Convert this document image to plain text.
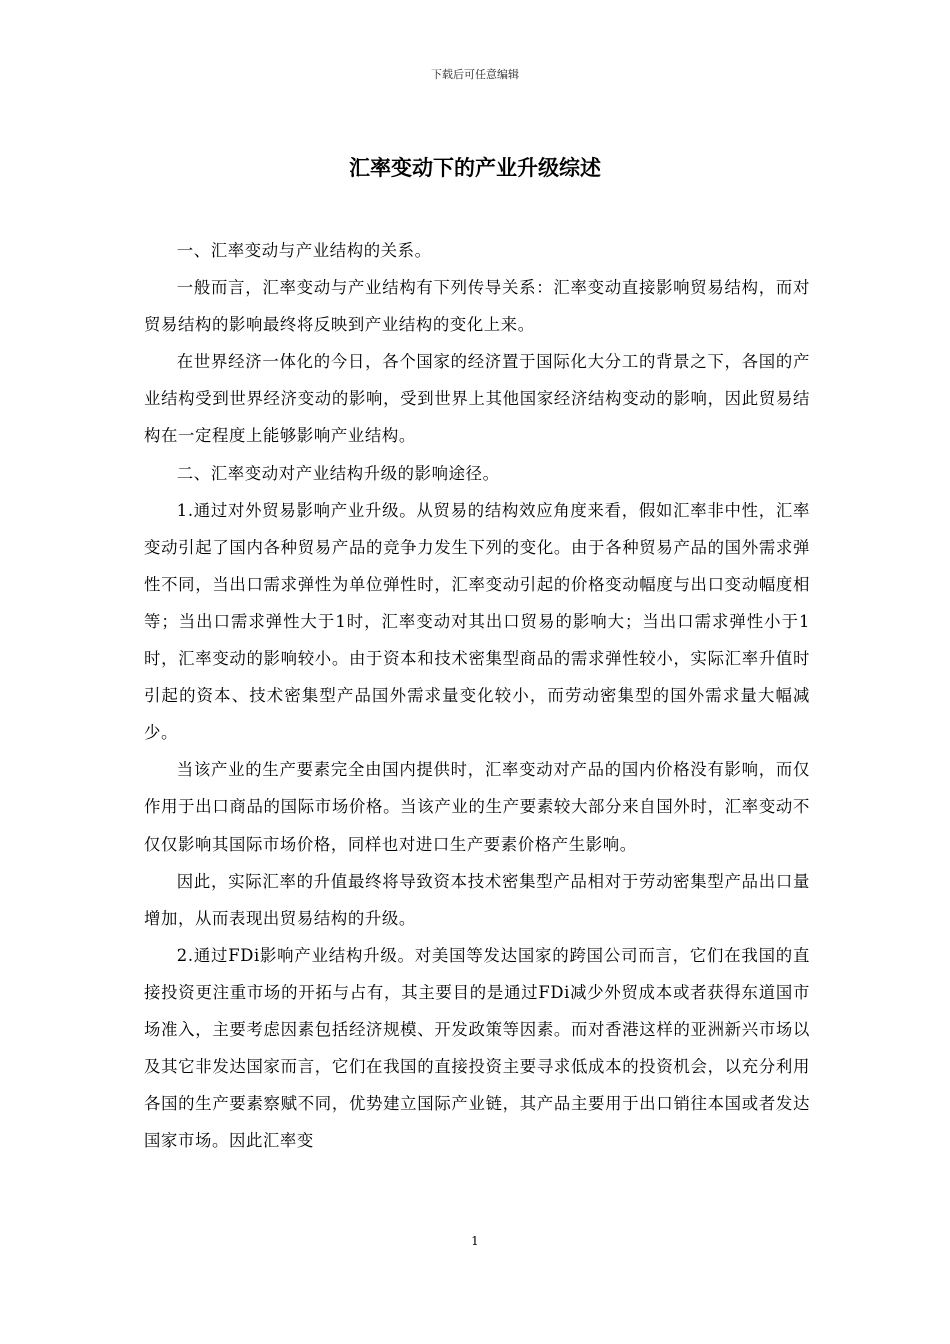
下载后可任意编辑
汇率变动下的产业升级综述

一、汇率变动与产业结构的关系。

一般而言，汇率变动与产业结构有下列传导关系：汇率变动直接影响贸易结构，而对贸易结构的影响最终将反映到产业结构的变化上来。

在世界经济一体化的今日，各个国家的经济置于国际化大分工的背景之下，各国的产业结构受到世界经济变动的影响，受到世界上其他国家经济结构变动的影响，因此贸易结构在一定程度上能够影响产业结构。

二、汇率变动对产业结构升级的影响途径。

1.通过对外贸易影响产业升级。从贸易的结构效应角度来看，假如汇率非中性，汇率变动引起了国内各种贸易产品的竞争力发生下列的变化。由于各种贸易产品的国外需求弹性不同，当出口需求弹性为单位弹性时，汇率变动引起的价格变动幅度与出口变动幅度相等；当出口需求弹性大于1时，汇率变动对其出口贸易的影响大；当出口需求弹性小于1时，汇率变动的影响较小。由于资本和技术密集型商品的需求弹性较小，实际汇率升值时引起的资本、技术密集型产品国外需求量变化较小，而劳动密集型的国外需求量大幅减少。

当该产业的生产要素完全由国内提供时，汇率变动对产品的国内价格没有影响，而仅作用于出口商品的国际市场价格。当该产业的生产要素较大部分来自国外时，汇率变动不仅仅影响其国际市场价格，同样也对进口生产要素价格产生影响。

因此，实际汇率的升值最终将导致资本技术密集型产品相对于劳动密集型产品出口量增加，从而表现出贸易结构的升级。

2.通过FDi影响产业结构升级。对美国等发达国家的跨国公司而言，它们在我国的直接投资更注重市场的开拓与占有，其主要目的是通过FDi减少外贸成本或者获得东道国市场准入，主要考虑因素包括经济规模、开发政策等因素。而对香港这样的亚洲新兴市场以及其它非发达国家而言，它们在我国的直接投资主要寻求低成本的投资机会，以充分利用各国的生产要素察赋不同，优势建立国际产业链，其产品主要用于出口销往本国或者发达国家市场。因此汇率变

1
